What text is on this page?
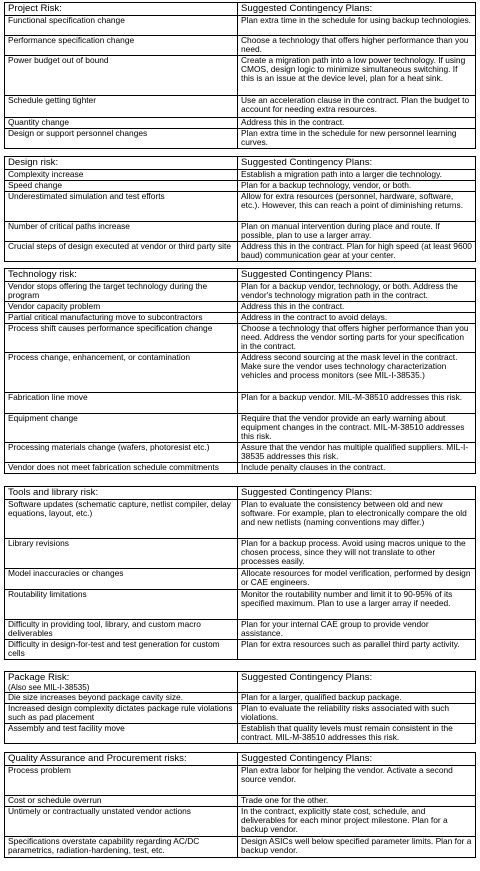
Project Risk:	Suggested Contingency Plans:
Functional specification change	Plan extra time in the schedule for using backup technologies.
Performance specification change	Choose a technology that offers higher performance than you need.
Power budget out of bound	Create a migration path into a low power technology. If using CMOS, design logic to minimize simultaneous switching. If this is an issue at the device level, plan for a heat sink.
Schedule getting tighter	Use an acceleration clause in the contract. Plan the budget to account for needing extra resources.
Quantity change	Address this in the contract.
Design or support personnel changes	Plan extra time in the schedule for new personnel learning curves.
Design risk:	Suggested Contingency Plans:
Complexity increase	Establish a migration path into a larger die technology.
Speed change	Plan for a backup technology, vendor, or both.
Underestimated simulation and test efforts	Allow for extra resources (personnel, hardware, software, etc.). However, this can reach a point of diminishing returns.
Number of critical paths increase	Plan on manual intervention during place and route. If possible, plan to use a larger array.
Crucial steps of design executed at vendor or third party site	Address this in the contract. Plan for high speed (at least 9600 baud) communication gear at your center.
Technology risk:	Suggested Contingency Plans:
Vendor stops offering the target technology during the program	Plan for a backup vendor, technology, or both. Address the vendor's technology migration path in the contract.
Vendor capacity problem	Address this in the contract.
Partial critical manufacturing move to subcontractors	Address in the contract to avoid delays.
Process shift causes performance specification change	Choose a technology that offers higher performance than you need. Address the vendor sorting parts for your specification in the contract.
Process change, enhancement, or contamination	Address second sourcing at the mask level in the contract. Make sure the vendor uses technology characterization vehicles and process monitors (see MIL-I-38535.)
Fabrication line move	Plan for a backup vendor. MIL-M-38510 addresses this risk.
Equipment change	Require that the vendor provide an early warning about equipment changes in the contract. MIL-M-38510 addresses this risk.
Processing materials change (wafers, photoresist etc.)	Assure that the vendor has multiple qualified suppliers. MIL-I-38535 addresses this risk.
Vendor does not meet fabrication schedule commitments	Include penalty clauses in the contract.
Tools and library risk:	Suggested Contingency Plans:
Software updates (schematic capture, netlist compiler, delay equations, layout, etc.)	Plan to evaluate the consistency between old and new software. For example, plan to electronically compare the old and new netlists (naming conventions may differ.)
Library revisions	Plan for a backup process. Avoid using macros unique to the chosen process, since they will not translate to other processes easily.
Model inaccuracies or changes	Allocate resources for model verification, performed by design or CAE engineers.
Routability limitations	Monitor the routability number and limit it to 90-95% of its specified maximum. Plan to use a larger array if needed.
Difficulty in providing tool, library, and custom macro deliverables	Plan for your internal CAE group to provide vendor assistance.
Difficulty in design-for-test and test generation for custom cells	Plan for extra resources such as parallel third party activity.
Package Risk:
(Also see MIL-I-38535)	Suggested Contingency Plans:
Die size increases beyond package cavity size.	Plan for a larger, qualified backup package.
Increased design complexity dictates package rule violations such as pad placement	Plan to evaluate the reliability risks associated with such violations.
Assembly and test facility move	Establish that quality levels must remain consistent in the contract. MIL-M-38510 addresses this risk.
Quality Assurance and Procurement risks:	Suggested Contingency Plans:
Process problem	Plan extra labor for helping the vendor. Activate a second source vendor.
Cost or schedule overrun	Trade one for the other.
Untimely or contractually unstated vendor actions	In the contract, explicitly state cost, schedule, and deliverables for each minor project milestone. Plan for a backup vendor.
Specifications overstate capability regarding AC/DC parametrics, radiation-hardening, test, etc.	Design ASICs well below specified parameter limits. Plan for a backup vendor.
